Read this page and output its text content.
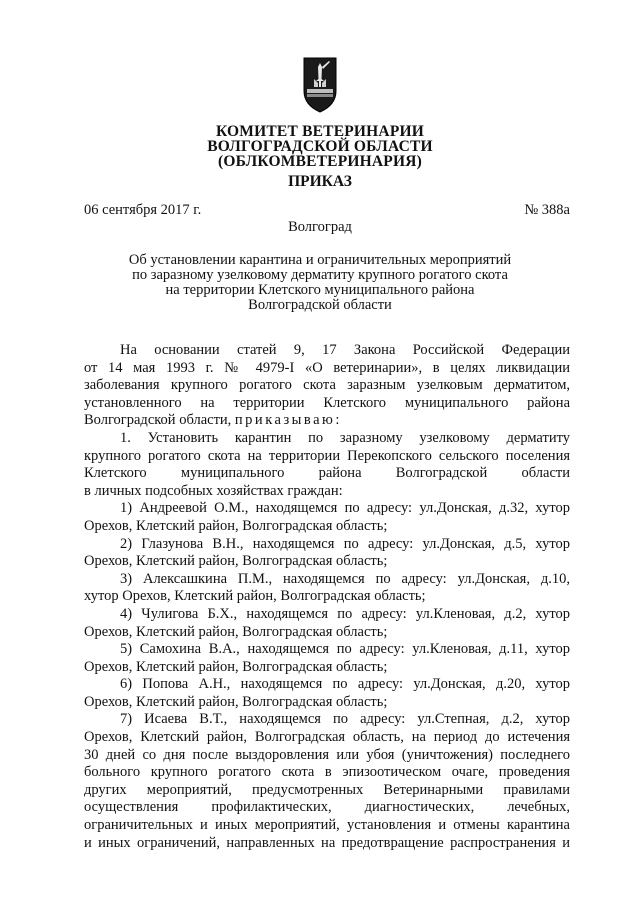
КОМИТЕТ ВЕТЕРИНАРИИ
ВОЛГОГРАДСКОЙ ОБЛАСТИ
(ОБЛКОМВЕТЕРИНАРИЯ)
ПРИКАЗ
06 сентября 2017 г.	№ 388а
Волгоград
Об установлении карантина и ограничительных мероприятий
по заразному узелковому дерматиту крупного рогатого скота
на территории Клетского муниципального района
Волгоградской области
На основании статей 9, 17 Закона Российской Федерации
от 14 мая 1993 г. № 4979-I «О ветеринарии», в целях ликвидации
заболевания крупного рогатого скота заразным узелковым дерматитом,
установленного на территории Клетского муниципального района
Волгоградской области, приказываю:
1. Установить карантин по заразному узелковому дерматиту
крупного рогатого скота на территории Перекопского сельского поселения
Клетского муниципального района Волгоградской области
в личных подсобных хозяйствах граждан:
1) Андреевой О.М., находящемся по адресу: ул.Донская, д.32, хутор
Орехов, Клетский район, Волгоградская область;
2) Глазунова В.Н., находящемся по адресу: ул.Донская, д.5, хутор
Орехов, Клетский район, Волгоградская область;
3) Алексашкина П.М., находящемся по адресу: ул.Донская, д.10,
хутор Орехов, Клетский район, Волгоградская область;
4) Чулигова Б.Х., находящемся по адресу: ул.Кленовая, д.2, хутор
Орехов, Клетский район, Волгоградская область;
5) Самохина В.А., находящемся по адресу: ул.Кленовая, д.11, хутор
Орехов, Клетский район, Волгоградская область;
6) Попова А.Н., находящемся по адресу: ул.Донская, д.20, хутор
Орехов, Клетский район, Волгоградская область;
7) Исаева В.Т., находящемся по адресу: ул.Степная, д.2, хутор
Орехов, Клетский район, Волгоградская область, на период до истечения
30 дней со дня после выздоровления или убоя (уничтожения) последнего
больного крупного рогатого скота в эпизоотическом очаге, проведения
других мероприятий, предусмотренных Ветеринарными правилами
осуществления профилактических, диагностических, лечебных,
ограничительных и иных мероприятий, установления и отмены карантина
и иных ограничений, направленных на предотвращение распространения и
